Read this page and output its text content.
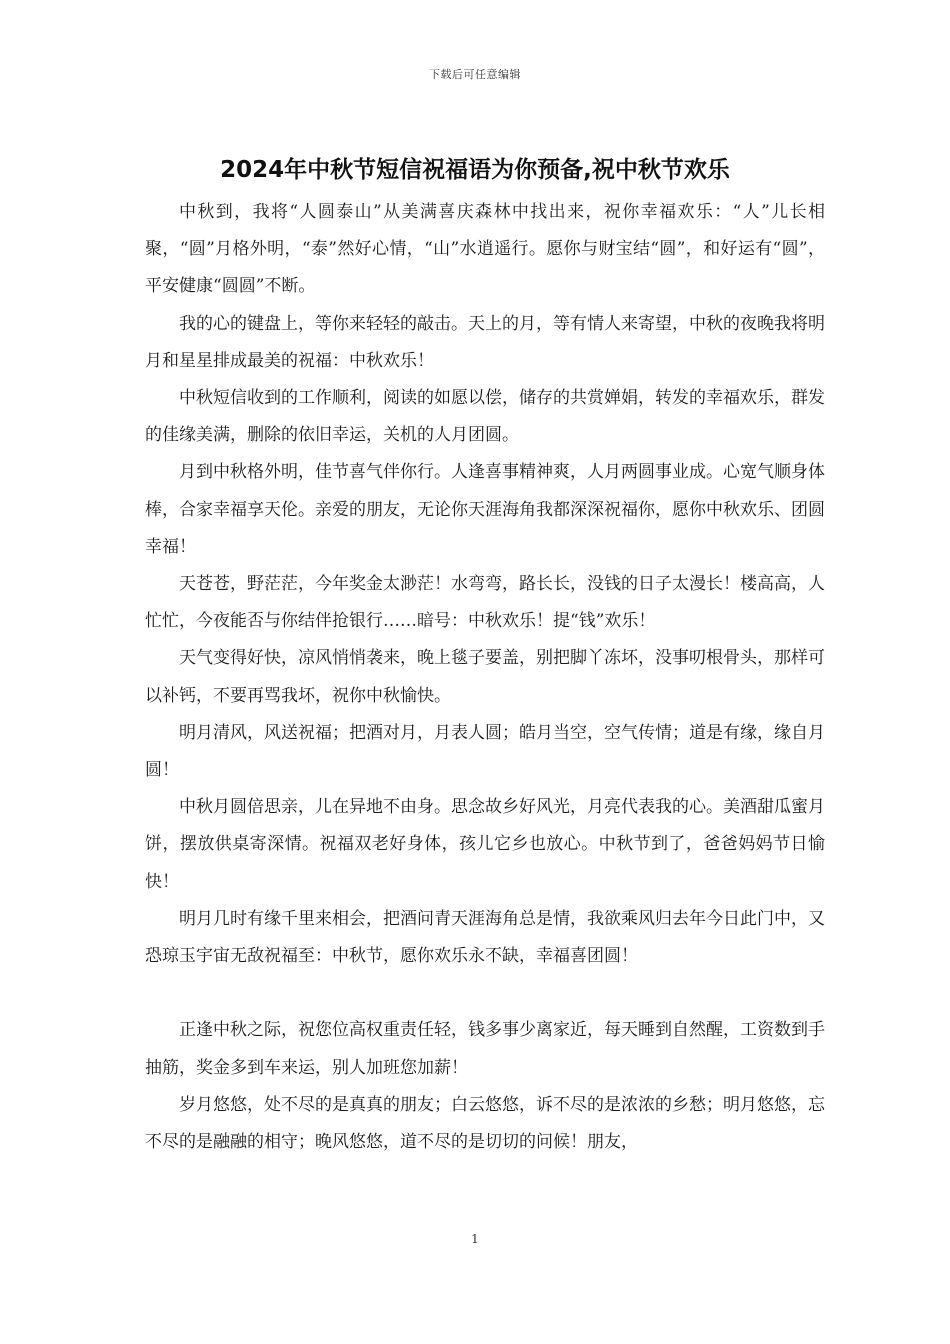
下载后可任意编辑
2024年中秋节短信祝福语为你预备,祝中秋节欢乐

中秋到，我将“人圆泰山”从美满喜庆森林中找出来，祝你幸福欢乐：“人”儿长相聚，“圆”月格外明，“泰”然好心情，“山”水逍遥行。愿你与财宝结“圆”，和好运有“圆”，平安健康“圆圆”不断。

我的心的键盘上，等你来轻轻的敲击。天上的月，等有情人来寄望，中秋的夜晚我将明月和星星排成最美的祝福：中秋欢乐！

中秋短信收到的工作顺利，阅读的如愿以偿，储存的共赏婵娟，转发的幸福欢乐，群发的佳缘美满，删除的依旧幸运，关机的人月团圆。

月到中秋格外明，佳节喜气伴你行。人逢喜事精神爽，人月两圆事业成。心宽气顺身体棒，合家幸福享天伦。亲爱的朋友，无论你天涯海角我都深深祝福你，愿你中秋欢乐、团圆幸福！

天苍苍，野茫茫，今年奖金太渺茫！水弯弯，路长长，没钱的日子太漫长！楼高高，人忙忙，今夜能否与你结伴抢银行……暗号：中秋欢乐！提“钱”欢乐！

天气变得好快，凉风悄悄袭来，晚上毯子要盖，别把脚丫冻坏，没事叨根骨头，那样可以补钙，不要再骂我坏，祝你中秋愉快。

明月清风，风送祝福；把酒对月，月表人圆；皓月当空，空气传情；道是有缘，缘自月圆！

中秋月圆倍思亲，儿在异地不由身。思念故乡好风光，月亮代表我的心。美酒甜瓜蜜月饼，摆放供桌寄深情。祝福双老好身体，孩儿它乡也放心。中秋节到了，爸爸妈妈节日愉快！

明月几时有缘千里来相会，把酒问青天涯海角总是情，我欲乘风归去年今日此门中，又恐琼玉宇宙无敌祝福至：中秋节，愿你欢乐永不缺，幸福喜团圆！

正逢中秋之际，祝您位高权重责任轻，钱多事少离家近，每天睡到自然醒，工资数到手抽筋，奖金多到车来运，别人加班您加薪！

岁月悠悠，处不尽的是真真的朋友；白云悠悠，诉不尽的是浓浓的乡愁；明月悠悠，忘不尽的是融融的相守；晚风悠悠，道不尽的是切切的问候！朋友，

1
